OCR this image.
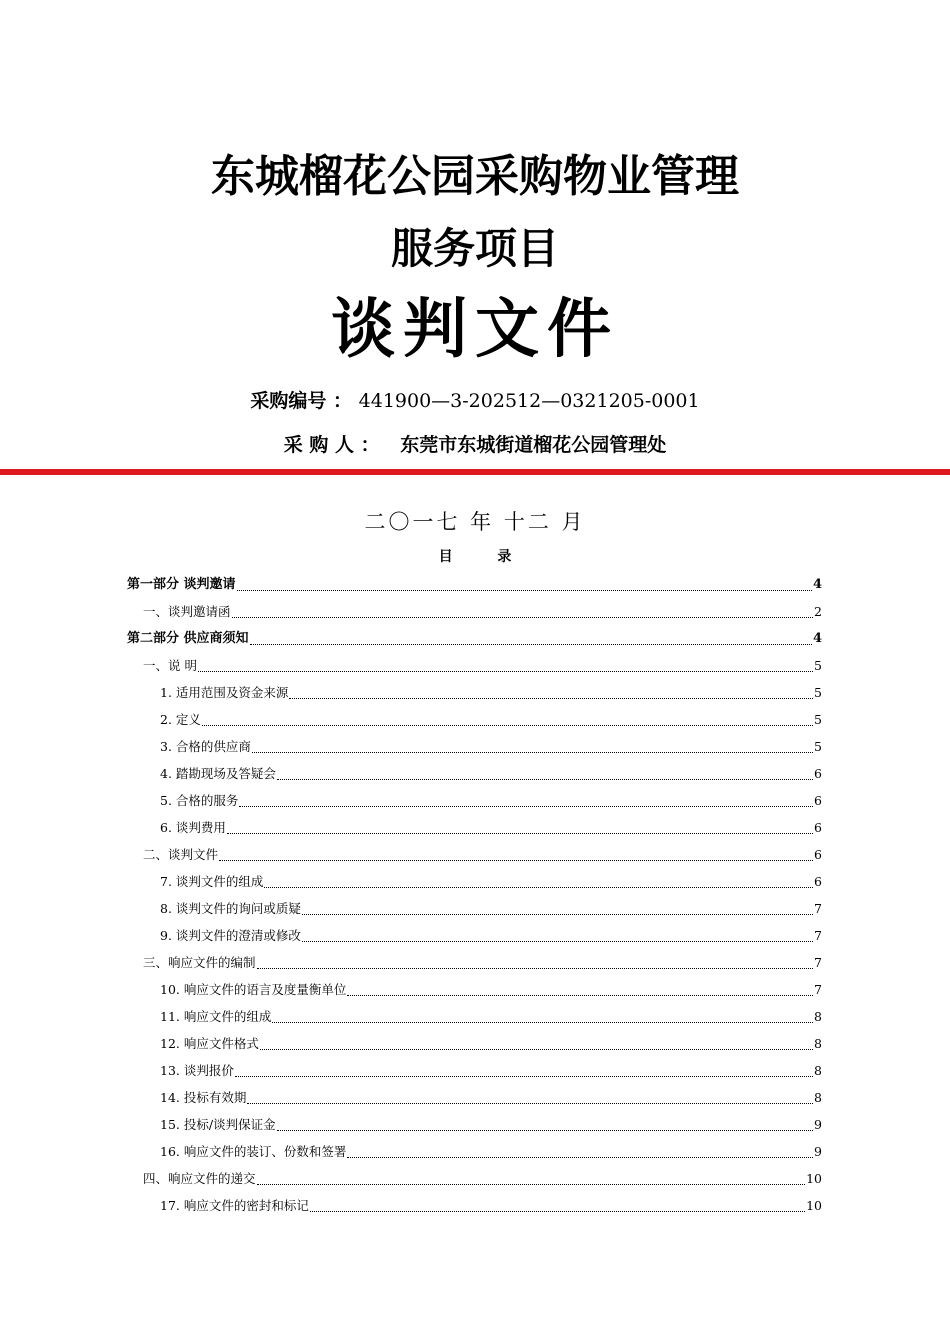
东城榴花公园采购物业管理
服务项目
谈判文件
采购编号 ： 441900—3-202512—0321205-0001
采 购 人 ： 东莞市东城街道榴花公园管理处
二〇一七 年 十二 月
目 录
第一部分 谈判邀请	4
一、谈判邀请函	2
第二部分 供应商须知	4
一、说 明	5
1. 适用范围及资金来源	5
2. 定义	5
3. 合格的供应商	5
4. 踏勘现场及答疑会	6
5. 合格的服务	6
6. 谈判费用	6
二、谈判文件	6
7. 谈判文件的组成	6
8. 谈判文件的询问或质疑	7
9. 谈判文件的澄清或修改	7
三、响应文件的编制	7
10. 响应文件的语言及度量衡单位	7
11. 响应文件的组成	8
12. 响应文件格式	8
13. 谈判报价	8
14. 投标有效期	8
15. 投标/谈判保证金	9
16. 响应文件的装订、份数和签署	9
四、响应文件的递交	10
17. 响应文件的密封和标记	10
